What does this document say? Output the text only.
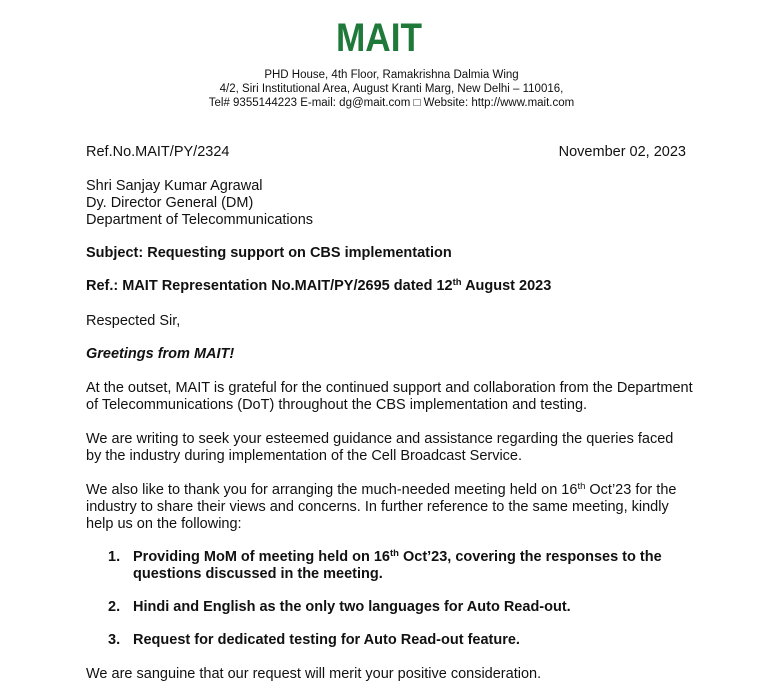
MAIT
PHD House, 4th Floor, Ramakrishna Dalmia Wing
4/2, Siri Institutional Area, August Kranti Marg, New Delhi – 110016,
Tel# 9355144223 E-mail: dg@mait.com □ Website: http://www.mait.com
Ref.No.MAIT/PY/2324	November 02, 2023
Shri Sanjay Kumar Agrawal
Dy. Director General (DM)
Department of Telecommunications
Subject: Requesting support on CBS implementation
Ref.: MAIT Representation No.MAIT/PY/2695 dated 12th August 2023
Respected Sir,
Greetings from MAIT!
At the outset, MAIT is grateful for the continued support and collaboration from the Department
of Telecommunications (DoT) throughout the CBS implementation and testing.
We are writing to seek your esteemed guidance and assistance regarding the queries faced
by the industry during implementation of the Cell Broadcast Service.
We also like to thank you for arranging the much-needed meeting held on 16th Oct’23 for the
industry to share their views and concerns. In further reference to the same meeting, kindly
help us on the following:
1. Providing MoM of meeting held on 16th Oct’23, covering the responses to the
questions discussed in the meeting.
2. Hindi and English as the only two languages for Auto Read-out.
3. Request for dedicated testing for Auto Read-out feature.
We are sanguine that our request will merit your positive consideration.
